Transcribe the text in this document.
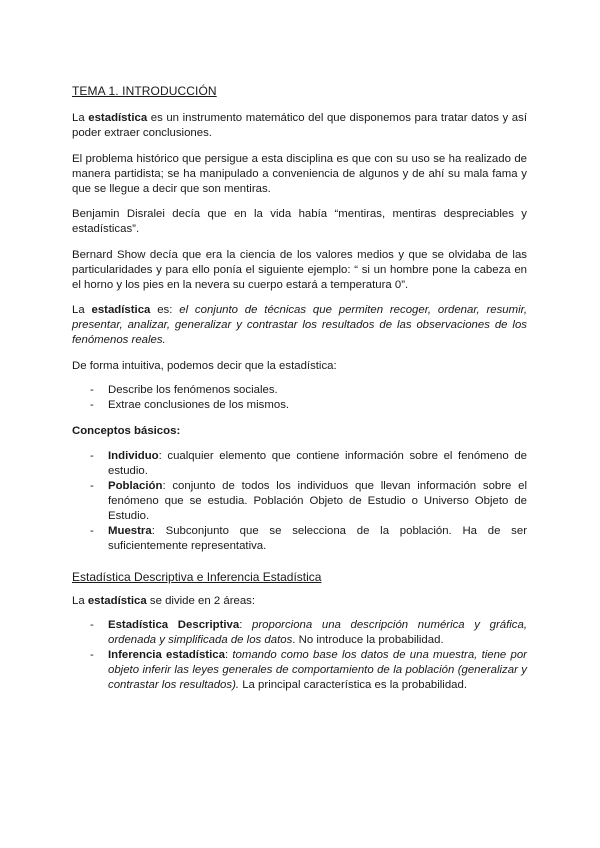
TEMA 1. INTRODUCCIÓN

La estadística es un instrumento matemático del que disponemos para tratar datos y así poder extraer conclusiones.

El problema histórico que persigue a esta disciplina es que con su uso se ha realizado de manera partidista; se ha manipulado a conveniencia de algunos y de ahí su mala fama y que se llegue a decir que son mentiras.

Benjamin Disralei decía que en la vida había “mentiras, mentiras despreciables y estadísticas”.

Bernard Show decía que era la ciencia de los valores medios y que se olvidaba de las particularidades y para ello ponía el siguiente ejemplo: “ si un hombre pone la cabeza en el horno y los pies en la nevera su cuerpo estará a temperatura 0”.

La estadística es: el conjunto de técnicas que permiten recoger, ordenar, resumir, presentar, analizar, generalizar y contrastar los resultados de las observaciones de los fenómenos reales.

De forma intuitiva, podemos decir que la estadística:

- Describe los fenómenos sociales.
- Extrae conclusiones de los mismos.
Conceptos básicos:
- Individuo: cualquier elemento que contiene información sobre el fenómeno de estudio.
- Población: conjunto de todos los individuos que llevan información sobre el fenómeno que se estudia. Población Objeto de Estudio o Universo Objeto de Estudio.
- Muestra: Subconjunto que se selecciona de la población. Ha de ser suficientemente representativa.
Estadística Descriptiva e Inferencia Estadística

La estadística se divide en 2 áreas:

- Estadística Descriptiva: proporciona una descripción numérica y gráfica, ordenada y simplificada de los datos. No introduce la probabilidad.
- Inferencia estadística: tomando como base los datos de una muestra, tiene por objeto inferir las leyes generales de comportamiento de la población (generalizar y contrastar los resultados). La principal característica es la probabilidad.
